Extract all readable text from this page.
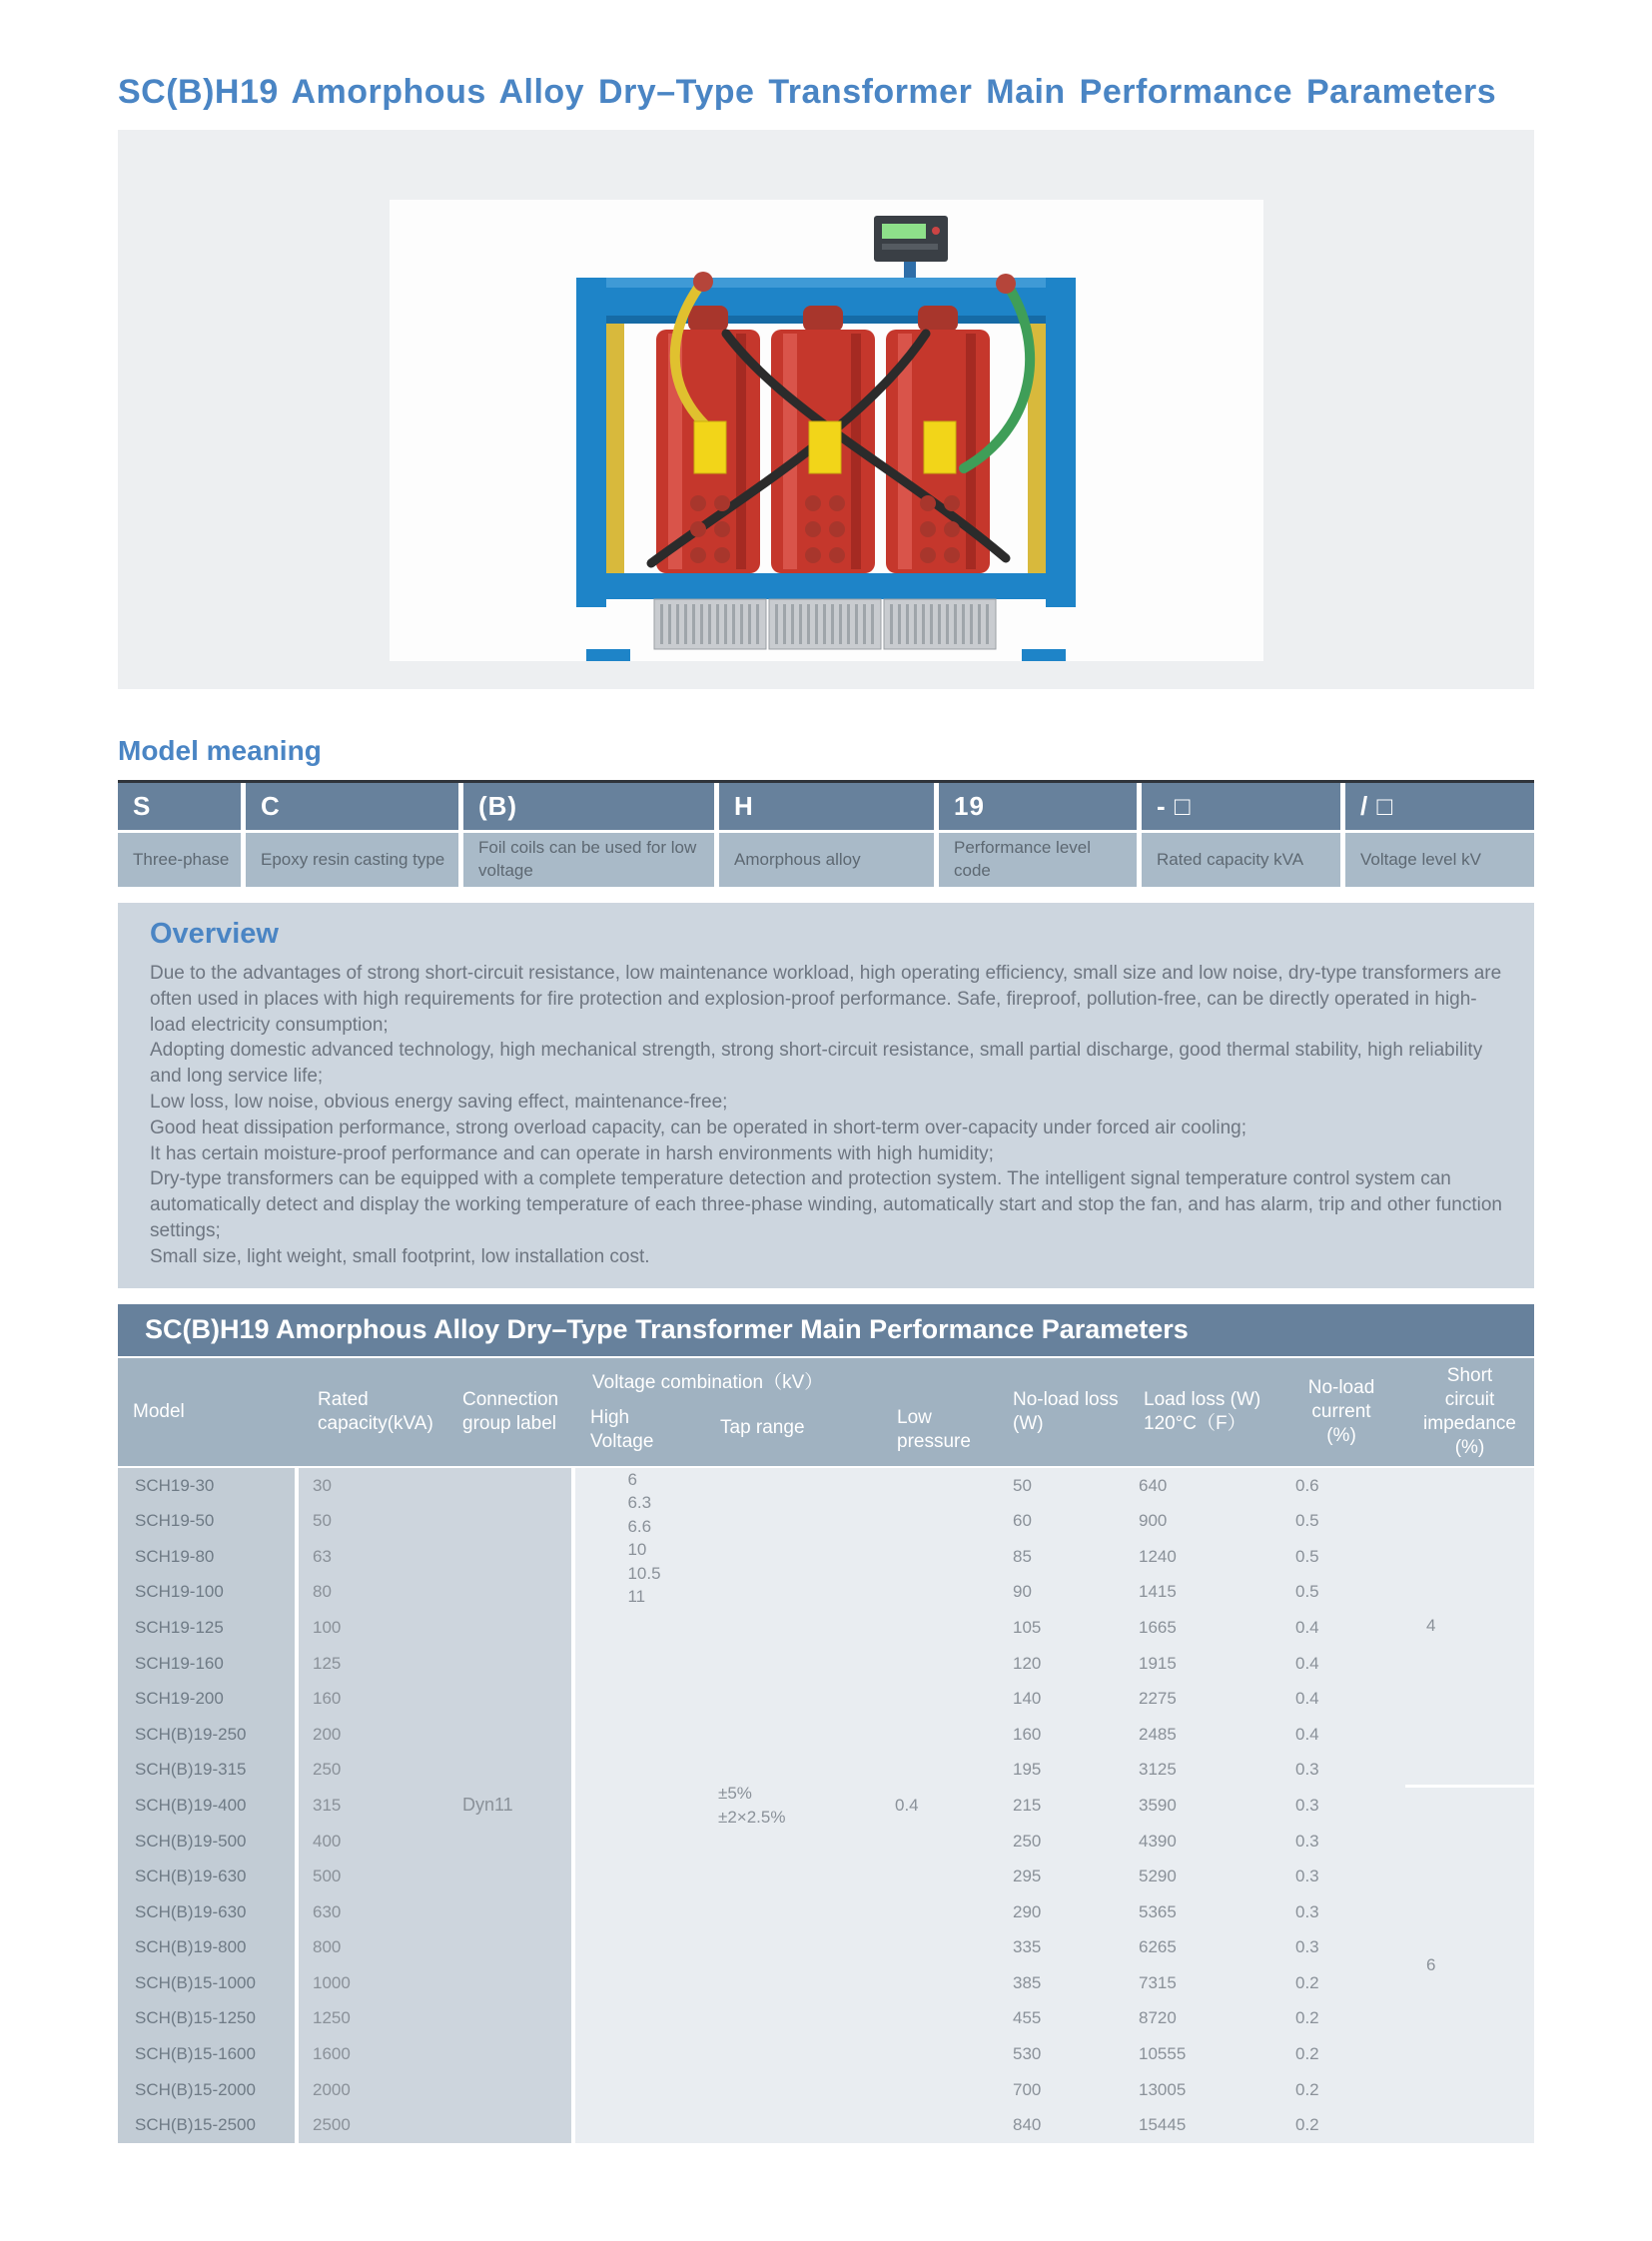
SC(B)H19 Amorphous Alloy Dry–Type Transformer Main Performance Parameters
Model meaning
S
Three-phase
C
Epoxy resin casting type
(B)
Foil coils can be used for low voltage
H
Amorphous alloy
19
Performance level code
- □
Rated capacity kVA
/ □
Voltage level kV
Overview
Due to the advantages of strong short-circuit resistance, low maintenance workload, high operating efficiency, small size and low noise, dry-type transformers are often used in places with high requirements for fire protection and explosion-proof performance. Safe, fireproof, pollution-free, can be directly operated in high-load electricity consumption;
Adopting domestic advanced technology, high mechanical strength, strong short-circuit resistance, small partial discharge, good thermal stability, high reliability and long service life;
Low loss, low noise, obvious energy saving effect, maintenance-free;
Good heat dissipation performance, strong overload capacity, can be operated in short-term over-capacity under forced air cooling;
It has certain moisture-proof performance and can operate in harsh environments with high humidity;
Dry-type transformers can be equipped with a complete temperature detection and protection system. The intelligent signal temperature control system can automatically detect and display the working temperature of each three-phase winding, automatically start and stop the fan, and has alarm, trip and other function settings;
Small size, light weight, small footprint, low installation cost.
SC(B)H19 Amorphous Alloy Dry–Type Transformer Main Performance Parameters
Model
Rated capacity(kVA)
Connection group label	High
Voltage
Tap range	Low
pressure
No-load loss (W)
Load loss (W)
120°C（F）
No-load
current
(%)
Short
circuit
impedance
(%)
Voltage combination（kV）
SCH19-30
SCH19-50
SCH19-80
SCH19-100
SCH19-125
SCH19-160
SCH19-200
SCH(B)19-250
SCH(B)19-315
SCH(B)19-400
SCH(B)19-500
SCH(B)19-630
SCH(B)19-630
SCH(B)19-800
SCH(B)15-1000
SCH(B)15-1250
SCH(B)15-1600
SCH(B)15-2000
SCH(B)15-2500
30
50
63
80
100
125
160
200
250
315
400
500
630
800
1000
1250
1600
2000
2500
Dyn11
6
6.3
6.6
10
10.5
11
±5%
±2×2.5%
0.4
50
60
85
90
105
120
140
160
195
215
250
295
290
335
385
455
530
700
840
640
900
1240
1415
1665
1915
2275
2485
3125
3590
4390
5290
5365
6265
7315
8720
10555
13005
15445
0.6
0.5
0.5
0.5
0.4
0.4
0.4
0.4
0.3
0.3
0.3
0.3
0.3
0.3
0.2
0.2
0.2
0.2
0.2
4
6
